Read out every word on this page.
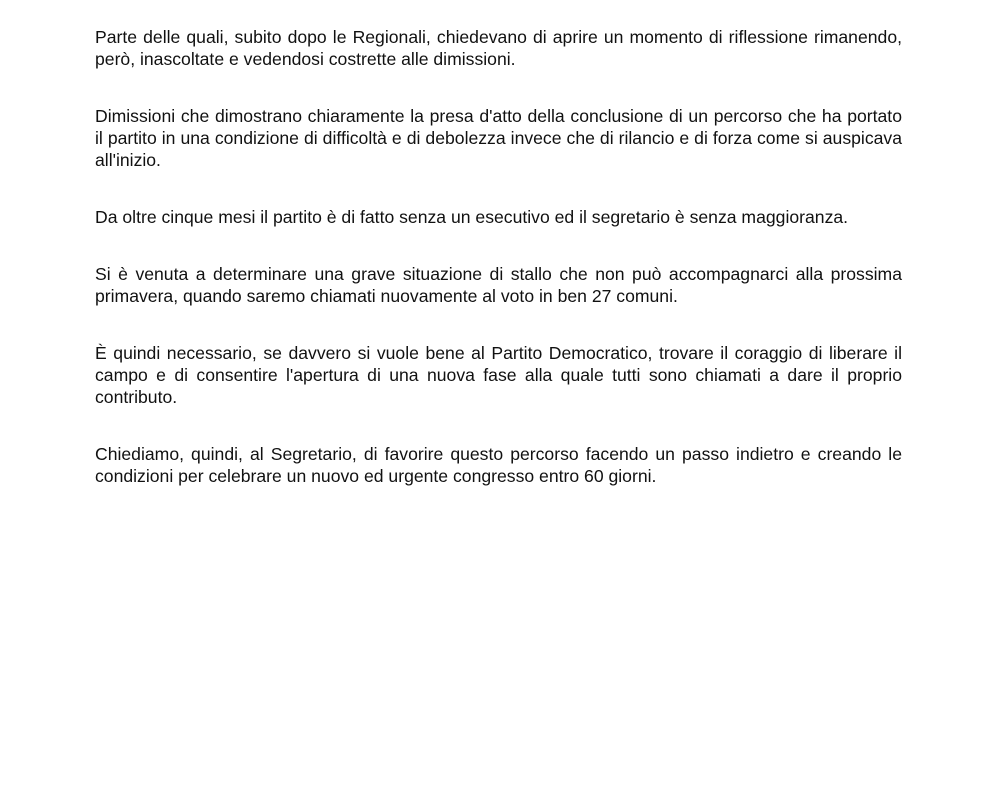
Parte delle quali, subito dopo le Regionali, chiedevano di aprire un momento di riflessione rimanendo, però, inascoltate e vedendosi costrette alle dimissioni.

Dimissioni che dimostrano chiaramente la presa d'atto della conclusione di un percorso che ha portato il partito in una condizione di difficoltà e di debolezza invece che di rilancio e di forza come si auspicava all'inizio.

Da oltre cinque mesi il partito è di fatto senza un esecutivo ed il segretario è senza maggioranza.

Si è venuta a determinare una grave situazione di stallo che non può accompagnarci alla prossima primavera, quando saremo chiamati nuovamente al voto in ben 27 comuni.

È quindi necessario, se davvero si vuole bene al Partito Democratico, trovare il coraggio di liberare il campo e di consentire l'apertura di una nuova fase alla quale tutti sono chiamati a dare il proprio contributo.

Chiediamo, quindi, al Segretario, di favorire questo percorso facendo un passo indietro e creando le condizioni per celebrare un nuovo ed urgente congresso entro 60 giorni.
